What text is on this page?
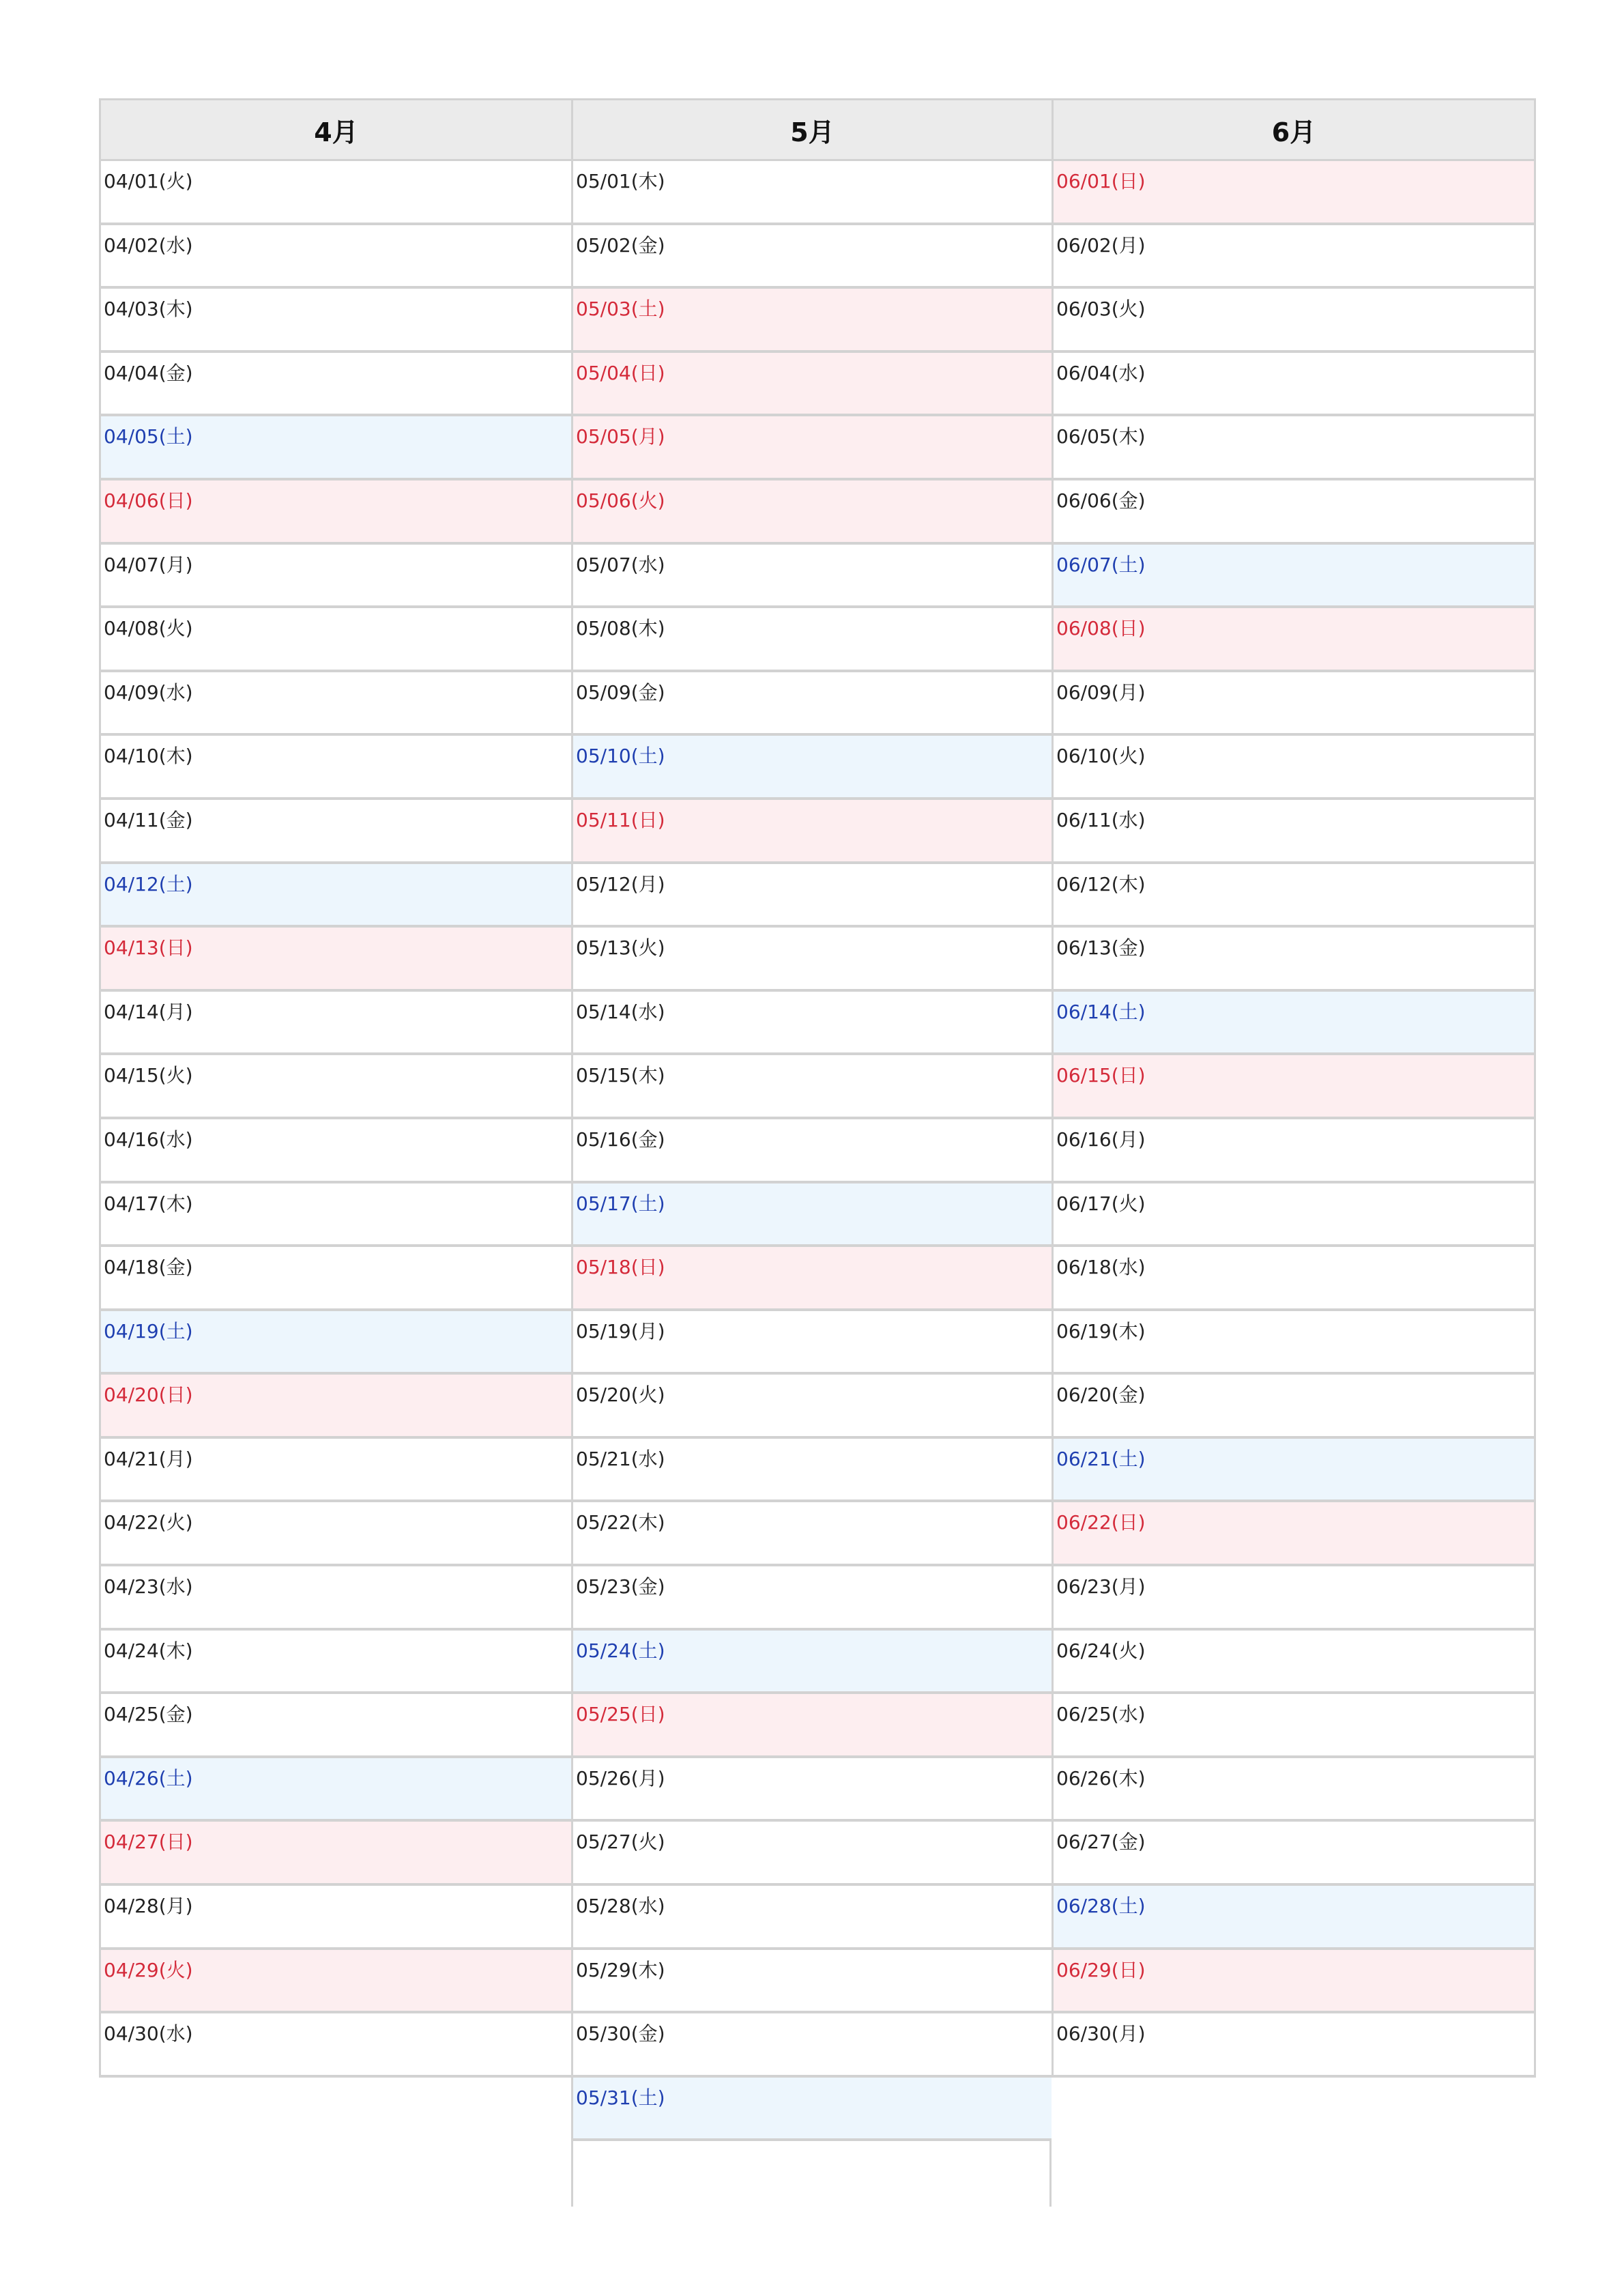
4月
04/01(火)
04/02(水)
04/03(木)
04/04(金)
04/05(土)
04/06(日)
04/07(月)
04/08(火)
04/09(水)
04/10(木)
04/11(金)
04/12(土)
04/13(日)
04/14(月)
04/15(火)
04/16(水)
04/17(木)
04/18(金)
04/19(土)
04/20(日)
04/21(月)
04/22(火)
04/23(水)
04/24(木)
04/25(金)
04/26(土)
04/27(日)
04/28(月)
04/29(火)
04/30(水)
5月
05/01(木)
05/02(金)
05/03(土)
05/04(日)
05/05(月)
05/06(火)
05/07(水)
05/08(木)
05/09(金)
05/10(土)
05/11(日)
05/12(月)
05/13(火)
05/14(水)
05/15(木)
05/16(金)
05/17(土)
05/18(日)
05/19(月)
05/20(火)
05/21(水)
05/22(木)
05/23(金)
05/24(土)
05/25(日)
05/26(月)
05/27(火)
05/28(水)
05/29(木)
05/30(金)
05/31(土)
6月
06/01(日)
06/02(月)
06/03(火)
06/04(水)
06/05(木)
06/06(金)
06/07(土)
06/08(日)
06/09(月)
06/10(火)
06/11(水)
06/12(木)
06/13(金)
06/14(土)
06/15(日)
06/16(月)
06/17(火)
06/18(水)
06/19(木)
06/20(金)
06/21(土)
06/22(日)
06/23(月)
06/24(火)
06/25(水)
06/26(木)
06/27(金)
06/28(土)
06/29(日)
06/30(月)
